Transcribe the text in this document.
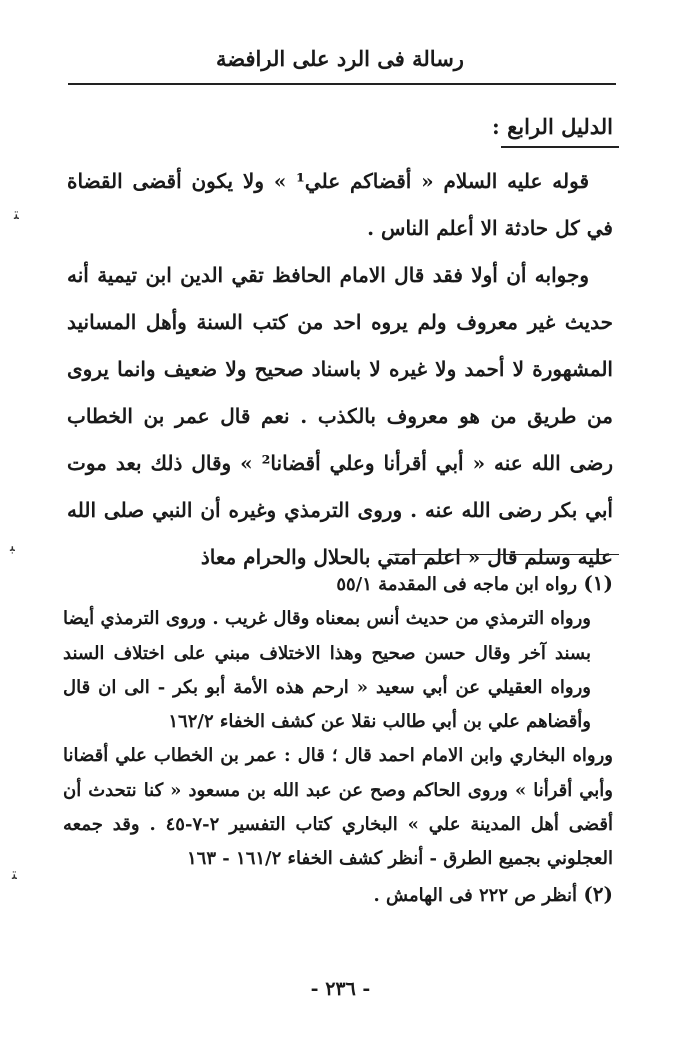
رسالة فى الرد على الرافضة
الدليل الرابع :

قوله عليه السلام « أقضاكم علي¹ » ولا يكون أقضى القضاة في كل حادثة الا أعلم الناس .

وجوابه أن أولا فقد قال الامام الحافظ تقي الدين ابن تيمية أنه حديث غير معروف ولم يروه احد من كتب السنة وأهل المسانيد المشهورة لا أحمد ولا غيره لا باسناد صحيح ولا ضعيف وانما يروى من طريق من هو معروف بالكذب . نعم قال عمر بن الخطاب رضى الله عنه « أبي أقرأنا وعلي أقضانا² » وقال ذلك بعد موت أبي بكر رضى الله عنه . وروى الترمذي وغيره أن النبي صلى الله عليه وسلم قال « اعلم امتي بالحلال والحرام معاذ

(١) رواه ابن ماجه فى المقدمة ٥٥/١

ورواه الترمذي من حديث أنس بمعناه وقال غريب . وروى الترمذي أيضا بسند آخر وقال حسن صحيح وهذا الاختلاف مبني على اختلاف السند ورواه العقيلي عن أبي سعيد « ارحم هذه الأمة أبو بكر - الى ان قال وأقضاهم علي بن أبي طالب نقلا عن كشف الخفاء ١٦٢/٢

ورواه البخاري وابن الامام احمد قال ؛ قال : عمر بن الخطاب علي أقضانا وأبي أقرأنا » وروى الحاكم وصح عن عبد الله بن مسعود « كنا نتحدث أن أقضى أهل المدينة علي » البخاري كتاب التفسير ٢-٧-٤٥ . وقد جمعه العجلوني بجميع الطرق - أنظر كشف الخفاء ١٦١/٢ - ١٦٣

(٢) أنظر ص ٢٢٢ فى الهامش .

- ٢٣٦ -
ﺘ
ﺒ
ﺘ
